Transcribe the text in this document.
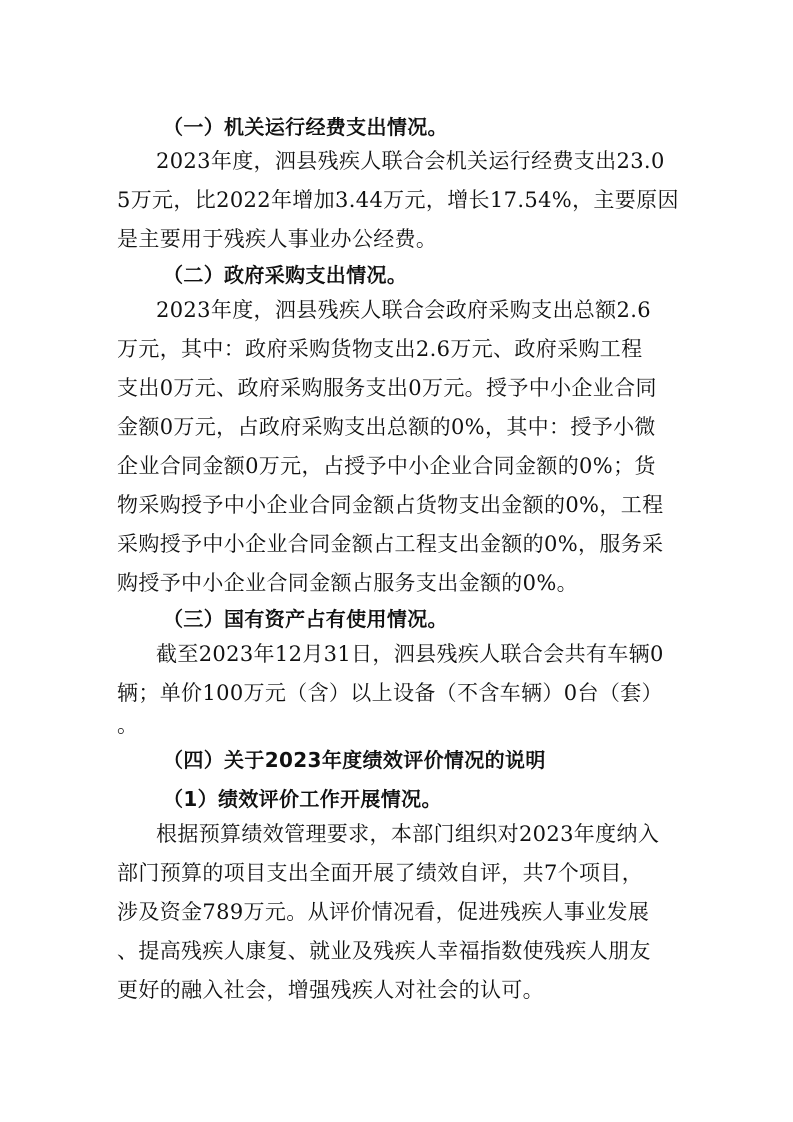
（一）机关运行经费支出情况。
2023年度，泗县残疾人联合会机关运行经费支出23.0
5万元，比2022年增加3.44万元，增长17.54%，主要原因
是主要用于残疾人事业办公经费。
（二）政府采购支出情况。
2023年度，泗县残疾人联合会政府采购支出总额2.6
万元，其中：政府采购货物支出2.6万元、政府采购工程
支出0万元、政府采购服务支出0万元。授予中小企业合同
金额0万元，占政府采购支出总额的0%，其中：授予小微
企业合同金额0万元，占授予中小企业合同金额的0%；货
物采购授予中小企业合同金额占货物支出金额的0%，工程
采购授予中小企业合同金额占工程支出金额的0%，服务采
购授予中小企业合同金额占服务支出金额的0%。
（三）国有资产占有使用情况。
截至2023年12月31日，泗县残疾人联合会共有车辆0
辆；单价100万元（含）以上设备（不含车辆）0台（套）
。
（四）关于2023年度绩效评价情况的说明
（1）绩效评价工作开展情况。
根据预算绩效管理要求，本部门组织对2023年度纳入
部门预算的项目支出全面开展了绩效自评，共7个项目，
涉及资金789万元。从评价情况看，促进残疾人事业发展
、提高残疾人康复、就业及残疾人幸福指数使残疾人朋友
更好的融入社会，增强残疾人对社会的认可。
